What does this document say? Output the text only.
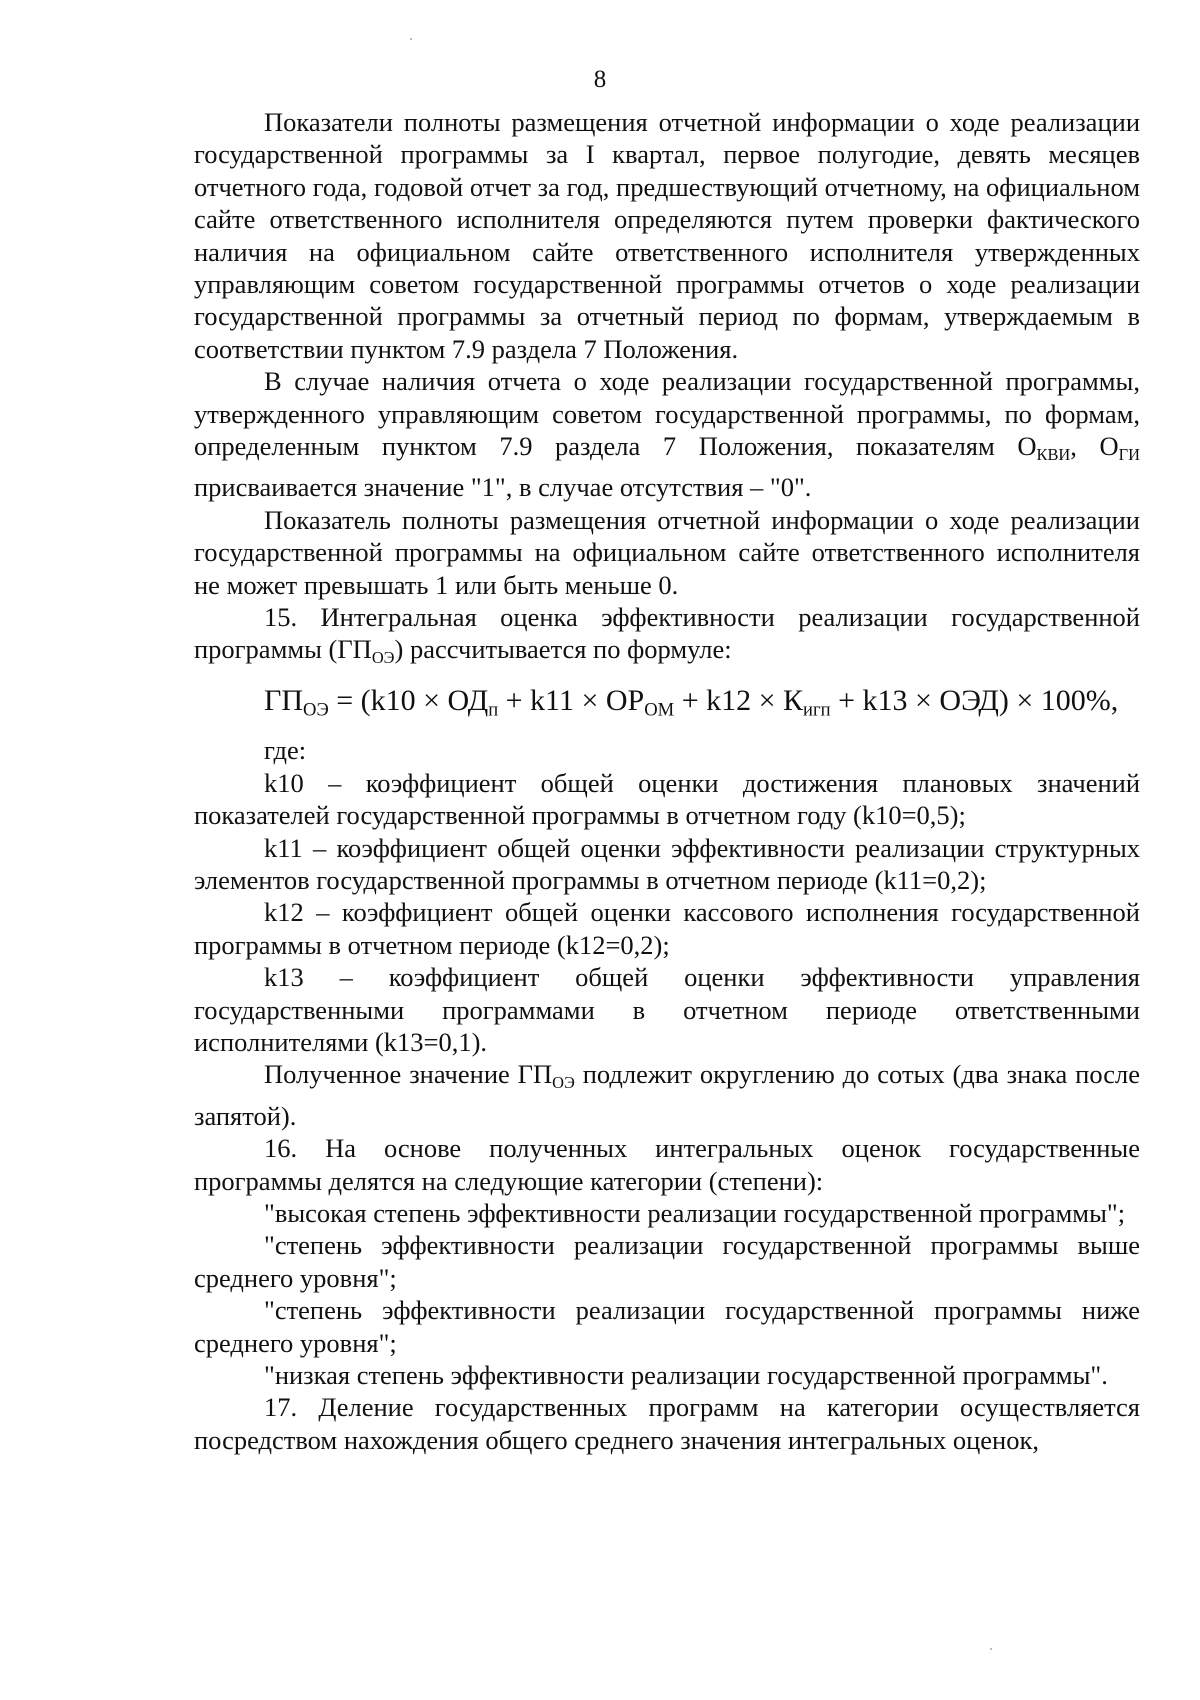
8

Показатели полноты размещения отчетной информации о ходе реализации государственной программы за I квартал, первое полугодие, девять месяцев отчетного года, годовой отчет за год, предшествующий отчетному, на официальном сайте ответственного исполнителя определяются путем проверки фактического наличия на официальном сайте ответственного исполнителя утвержденных управляющим советом государственной программы отчетов о ходе реализации государственной программы за отчетный период по формам, утверждаемым в соответствии пунктом 7.9 раздела 7 Положения.

В случае наличия отчета о ходе реализации государственной программы, утвержденного управляющим советом государственной программы, по формам, определенным пунктом 7.9 раздела 7 Положения, показателям $О_{КВИ}$, $О_{ГИ}$ присваивается значение "1", в случае отсутствия – "0".

Показатель полноты размещения отчетной информации о ходе реализации государственной программы на официальном сайте ответственного исполнителя не может превышать 1 или быть меньше 0.

15. Интегральная оценка эффективности реализации государственной программы $(ГП_{ОЭ})$ рассчитывается по формуле:

$ГП_{ОЭ} = (k10 \times ОД_п + k11 \times ОР_{ОМ} + k12 \times К_{игп} + k13 \times ОЭД) \times 100\%$,

где:

k10 – коэффициент общей оценки достижения плановых значений показателей государственной программы в отчетном году (k10=0,5);

k11 – коэффициент общей оценки эффективности реализации структурных элементов государственной программы в отчетном периоде (k11=0,2);

k12 – коэффициент общей оценки кассового исполнения государственной программы в отчетном периоде (k12=0,2);

k13 – коэффициент общей оценки эффективности управления государственными программами в отчетном периоде ответственными исполнителями (k13=0,1).

Полученное значение $ГП_{ОЭ}$ подлежит округлению до сотых (два знака после запятой).

16. На основе полученных интегральных оценок государственные программы делятся на следующие категории (степени):

"высокая степень эффективности реализации государственной программы";

"степень эффективности реализации государственной программы выше среднего уровня";

"степень эффективности реализации государственной программы ниже среднего уровня";

"низкая степень эффективности реализации государственной программы".

17. Деление государственных программ на категории осуществляется посредством нахождения общего среднего значения интегральных оценок,
